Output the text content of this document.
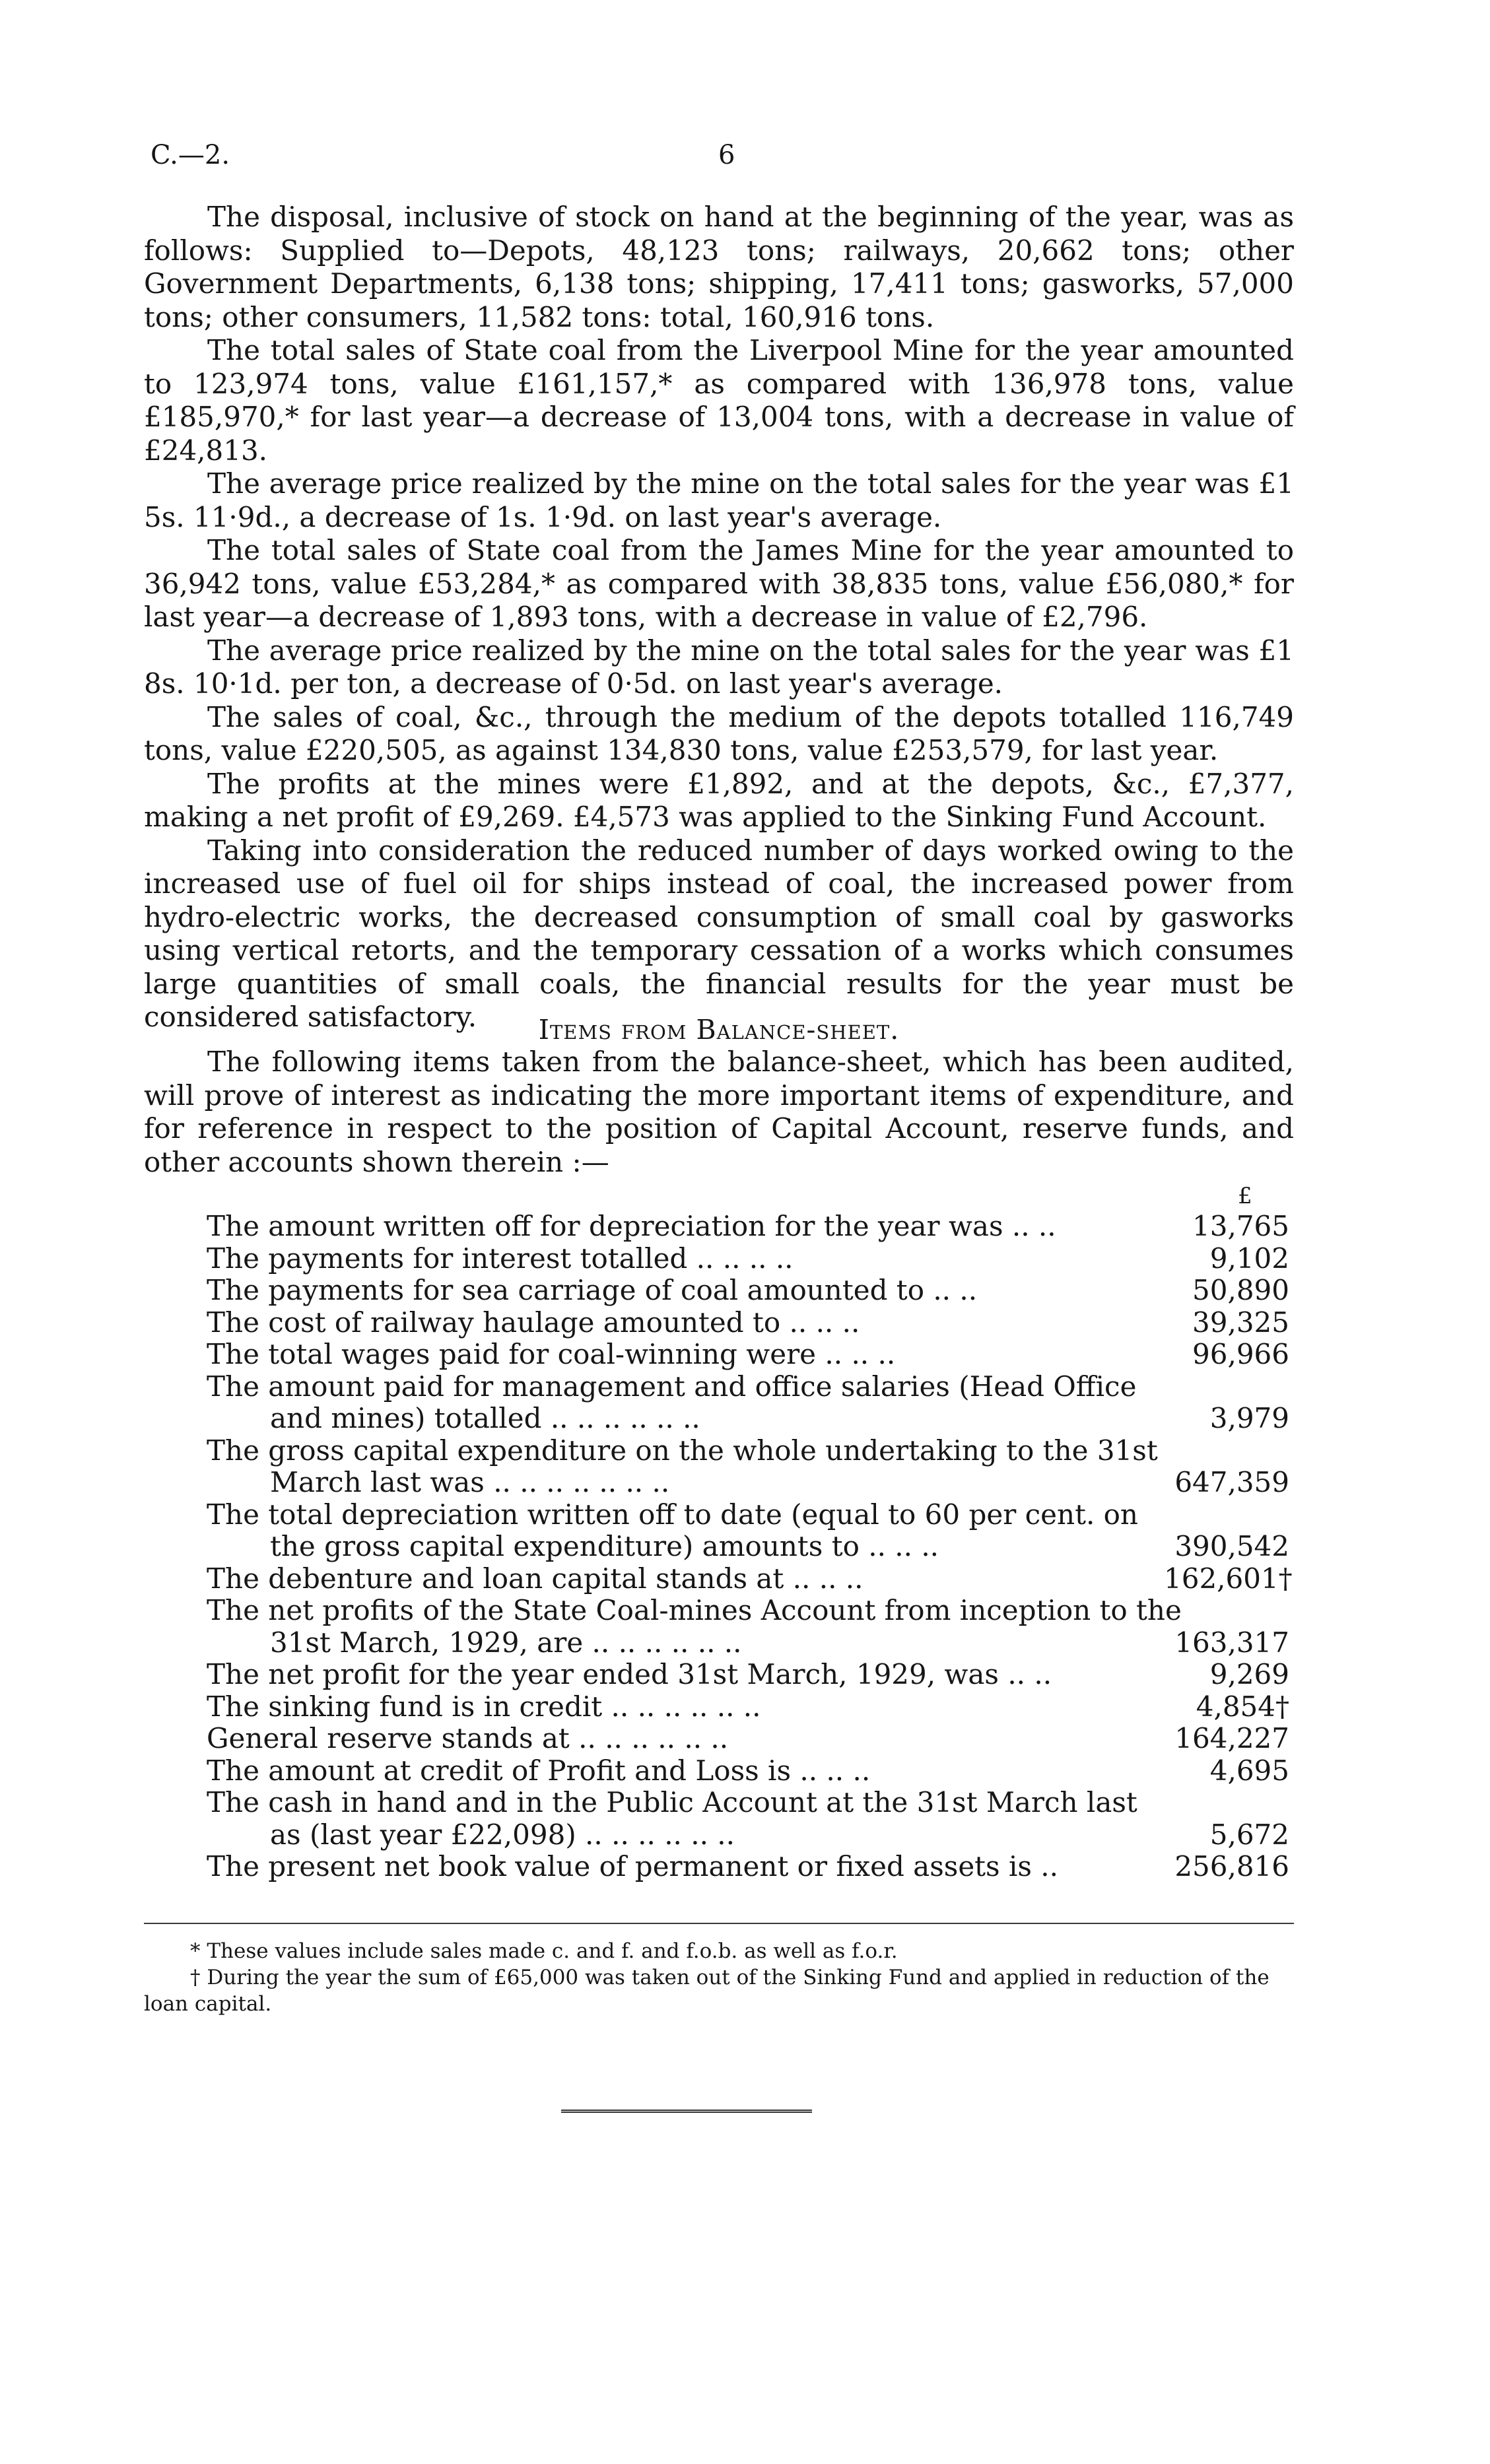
C.—2.	6

The disposal, inclusive of stock on hand at the beginning of the year, was as follows: Supplied to—Depots, 48,123 tons; railways, 20,662 tons; other Government Departments, 6,138 tons; shipping, 17,411 tons; gasworks, 57,000 tons; other consumers, 11,582 tons: total, 160,916 tons.

The total sales of State coal from the Liverpool Mine for the year amounted to 123,974 tons, value £161,157,* as compared with 136,978 tons, value £185,970,* for last year—a decrease of 13,004 tons, with a decrease in value of £24,813.

The average price realized by the mine on the total sales for the year was £1 5s. 11·9d., a decrease of 1s. 1·9d. on last year's average.

The total sales of State coal from the James Mine for the year amounted to 36,942 tons, value £53,284,* as compared with 38,835 tons, value £56,080,* for last year—a decrease of 1,893 tons, with a decrease in value of £2,796.

The average price realized by the mine on the total sales for the year was £1 8s. 10·1d. per ton, a decrease of 0·5d. on last year's average.

The sales of coal, &c., through the medium of the depots totalled 116,749 tons, value £220,505, as against 134,830 tons, value £253,579, for last year.

The profits at the mines were £1,892, and at the depots, &c., £7,377, making a net profit of £9,269. £4,573 was applied to the Sinking Fund Account.

Taking into consideration the reduced number of days worked owing to the increased use of fuel oil for ships instead of coal, the increased power from hydro-electric works, the decreased consumption of small coal by gasworks using vertical retorts, and the temporary cessation of a works which consumes large quantities of small coals, the financial results for the year must be considered satisfactory.	Items from Balance-sheet.

The following items taken from the balance-sheet, which has been audited, will prove of interest as indicating the more important items of expenditure, and for reference in respect to the position of Capital Account, reserve funds, and other accounts shown therein :—

£
The amount written off for depreciation for the year was .. ..	13,765
The payments for interest totalled .. .. .. ..	9,102
The payments for sea carriage of coal amounted to .. ..	50,890
The cost of railway haulage amounted to .. .. ..	39,325
The total wages paid for coal-winning were .. .. ..	96,966
The amount paid for management and office salaries (Head Office
and mines) totalled .. .. .. .. .. ..	3,979
The gross capital expenditure on the whole undertaking to the 31st
March last was .. .. .. .. .. .. ..	647,359
The total depreciation written off to date (equal to 60 per cent. on
the gross capital expenditure) amounts to .. .. ..	390,542
The debenture and loan capital stands at .. .. ..	162,601†
The net profits of the State Coal-mines Account from inception to the
31st March, 1929, are .. .. .. .. .. ..	163,317
The net profit for the year ended 31st March, 1929, was .. ..	9,269
The sinking fund is in credit .. .. .. .. .. ..	4,854†
General reserve stands at .. .. .. .. .. ..	164,227
The amount at credit of Profit and Loss is .. .. ..	4,695
The cash in hand and in the Public Account at the 31st March last
as (last year £22,098) .. .. .. .. .. ..	5,672
The present net book value of permanent or fixed assets is ..	256,816

* These values include sales made c. and f. and f.o.b. as well as f.o.r.

† During the year the sum of £65,000 was taken out of the Sinking Fund and applied in reduction of the loan capital.
